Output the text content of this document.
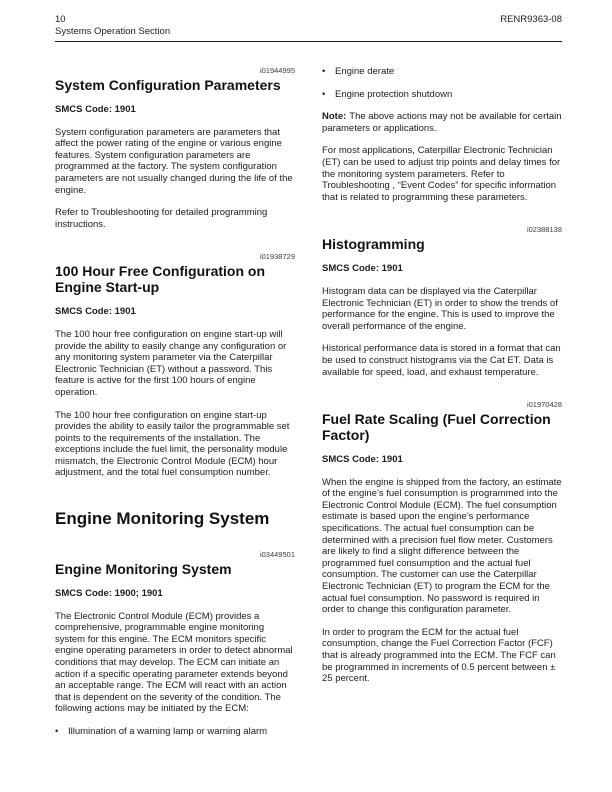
10	RENR9363-08
Systems Operation Section
i01944995
System Configuration Parameters
SMCS Code: 1901

System configuration parameters are parameters that affect the power rating of the engine or various engine features. System configuration parameters are programmed at the factory. The system configuration parameters are not usually changed during the life of the engine.

Refer to Troubleshooting for detailed programming instructions.

i01938729
100 Hour Free Configuration on Engine Start-up
SMCS Code: 1901

The 100 hour free configuration on engine start-up will provide the ability to easily change any configuration or any monitoring system parameter via the Caterpillar Electronic Technician (ET) without a password. This feature is active for the first 100 hours of engine operation.

The 100 hour free configuration on engine start-up provides the ability to easily tailor the programmable set points to the requirements of the installation. The exceptions include the fuel limit, the personality module mismatch, the Electronic Control Module (ECM) hour adjustment, and the total fuel consumption number.

Engine Monitoring System
i03449501
Engine Monitoring System
SMCS Code: 1900; 1901

The Electronic Control Module (ECM) provides a comprehensive, programmable engine monitoring system for this engine. The ECM monitors specific engine operating parameters in order to detect abnormal conditions that may develop. The ECM can initiate an action if a specific operating parameter extends beyond an acceptable range. The ECM will react with an action that is dependent on the severity of the condition. The following actions may be initiated by the ECM:

•
Illumination of a warning lamp or warning alarm
•
Engine derate
•
Engine protection shutdown

Note: The above actions may not be available for certain parameters or applications.

For most applications, Caterpillar Electronic Technician (ET) can be used to adjust trip points and delay times for the monitoring system parameters. Refer to Troubleshooting , “Event Codes” for specific information that is related to programming these parameters.

i02388138
Histogramming
SMCS Code: 1901

Histogram data can be displayed via the Caterpillar Electronic Technician (ET) in order to show the trends of performance for the engine. This is used to improve the overall performance of the engine.

Historical performance data is stored in a format that can be used to construct histograms via the Cat ET. Data is available for speed, load, and exhaust temperature.

i01970428
Fuel Rate Scaling (Fuel Correction Factor)
SMCS Code: 1901

When the engine is shipped from the factory, an estimate of the engine’s fuel consumption is programmed into the Electronic Control Module (ECM). The fuel consumption estimate is based upon the engine’s performance specifications. The actual fuel consumption can be determined with a precision fuel flow meter. Customers are likely to find a slight difference between the programmed fuel consumption and the actual fuel consumption. The customer can use the Caterpillar Electronic Technician (ET) to program the ECM for the actual fuel consumption. No password is required in order to change this configuration parameter.

In order to program the ECM for the actual fuel consumption, change the Fuel Correction Factor (FCF) that is already programmed into the ECM. The FCF can be programmed in increments of 0.5 percent between ± 25 percent.
